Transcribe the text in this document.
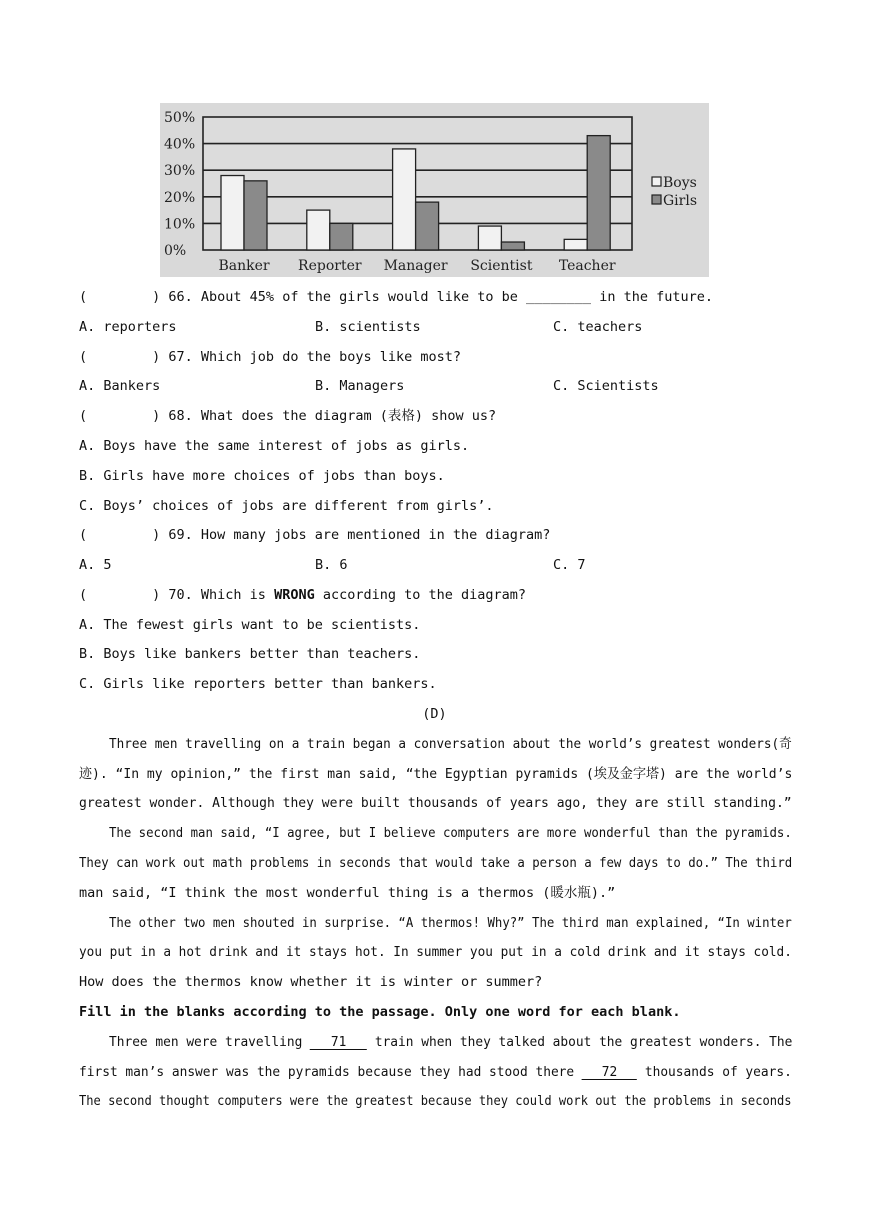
0%
10%
20%
30%
40%
50%
Banker Reporter Manager Scientist Teacher
Boys
Girls
(        ) 66. About 45% of the girls would like to be ________ in the future.
A. reporters	B. scientists	C. teachers
(        ) 67. Which job do the boys like most?
A. Bankers	B. Managers	C. Scientists
(        ) 68. What does the diagram (表格) show us?
A. Boys have the same interest of jobs as girls.
B. Girls have more choices of jobs than boys.
C. Boys’ choices of jobs are different from girls’.
(        ) 69. How many jobs are mentioned in the diagram?
A. 5	B. 6	C. 7
(        ) 70. Which is WRONG according to the diagram?
A. The fewest girls want to be scientists.
B. Boys like bankers better than teachers.
C. Girls like reporters better than bankers.
(D)
Three men travelling on a train began a conversation about the world’s greatest wonders(奇
迹). “In my opinion,” the first man said, “the Egyptian pyramids (埃及金字塔) are the world’s
greatest wonder. Although they were built thousands of years ago, they are still standing.”
The second man said, “I agree, but I believe computers are more wonderful than the pyramids.
They can work out math problems in seconds that would take a person a few days to do.” The third
man said, “I think the most wonderful thing is a thermos (暖水瓶).”
The other two men shouted in surprise. “A thermos! Why?” The third man explained, “In winter
you put in a hot drink and it stays hot. In summer you put in a cold drink and it stays cold.
How does the thermos know whether it is winter or summer?
Fill in the blanks according to the passage. Only one word for each blank.
Three men were travelling 71 train when they talked about the greatest wonders. The
first man’s answer was the pyramids because they had stood there 72 thousands of years.
The second thought computers were the greatest because they could work out the problems in seconds
